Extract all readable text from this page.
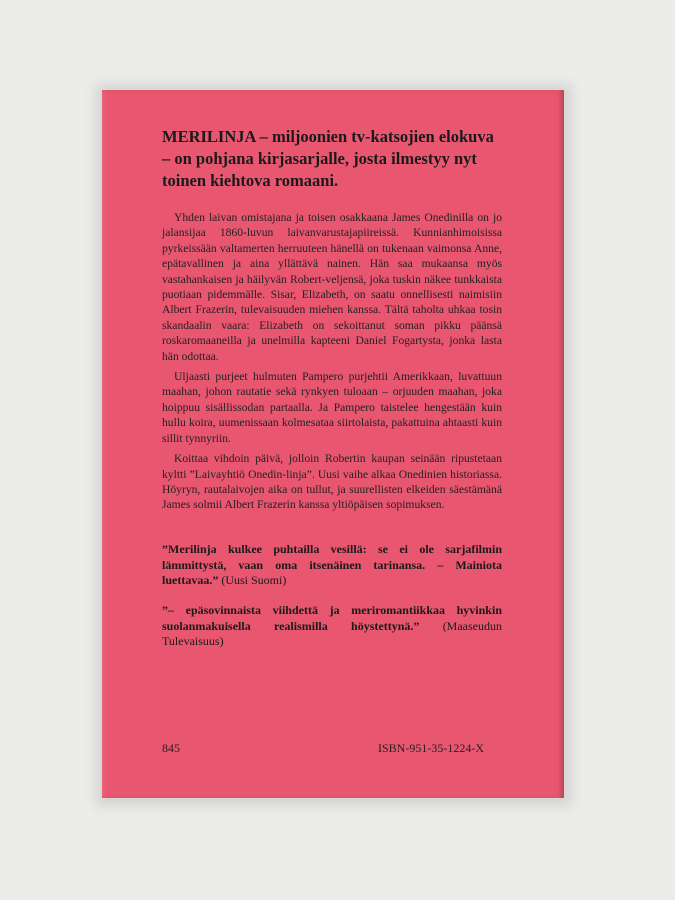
MERILINJA – miljoonien tv-katsojien elokuva – on pohjana kirjasarjalle, josta ilmestyy nyt toinen kiehtova romaani.

Yhden laivan omistajana ja toisen osakkaana James Onedinilla on jo jalansijaa 1860-luvun laivanvarustajapiireissä. Kunnianhimoisissa pyrkeissään valtamerten herruuteen hänellä on tukenaan vaimonsa Anne, epätavallinen ja aina yllättävä nainen. Hän saa mukaansa myös vastahankaisen ja häilyvän Robert-veljensä, joka tuskin näkee tunkkaista puotiaan pidemmälle. Sisar, Elizabeth, on saatu onnellisesti naimisiin Albert Frazerin, tulevaisuuden miehen kanssa. Tältä taholta uhkaa tosin skandaalin vaara: Elizabeth on sekoittanut soman pikku päänsä roskaromaaneilla ja unelmilla kapteeni Daniel Fogartysta, jonka lasta hän odottaa.

Uljaasti purjeet hulmuten Pampero purjehtii Amerikkaan, luvattuun maahan, johon rautatie sekä rynkyen tuloaan – orjuuden maahan, joka hoippuu sisällissodan partaalla. Ja Pampero taistelee hengestään kuin hullu koira, uumenissaan kolmesataa siirtolaista, pakattuina ahtaasti kuin sillit tynnyriin.

Koittaa vihdoin päivä, jolloin Robertin kaupan seinään ripustetaan kyltti ”Laivayhtiö Onedin-linja”. Uusi vaihe alkaa Onedinien historiassa. Höyryn, rautalaivojen aika on tullut, ja suurellisten elkeiden säestämänä James solmii Albert Frazerin kanssa yltiöpäisen sopimuksen.

”Merilinja kulkee puhtailla vesillä: se ei ole sarjafilmin lämmittystä, vaan oma itsenäinen tarinansa. – Mainiota luettavaa.” (Uusi Suomi)
”– epäsovinnaista viihdettä ja meriromantiikkaa hyvinkin suolanmakuisella realismilla höystettynä.” (Maaseudun Tulevaisuus)
845	ISBN-951-35-1224-X
